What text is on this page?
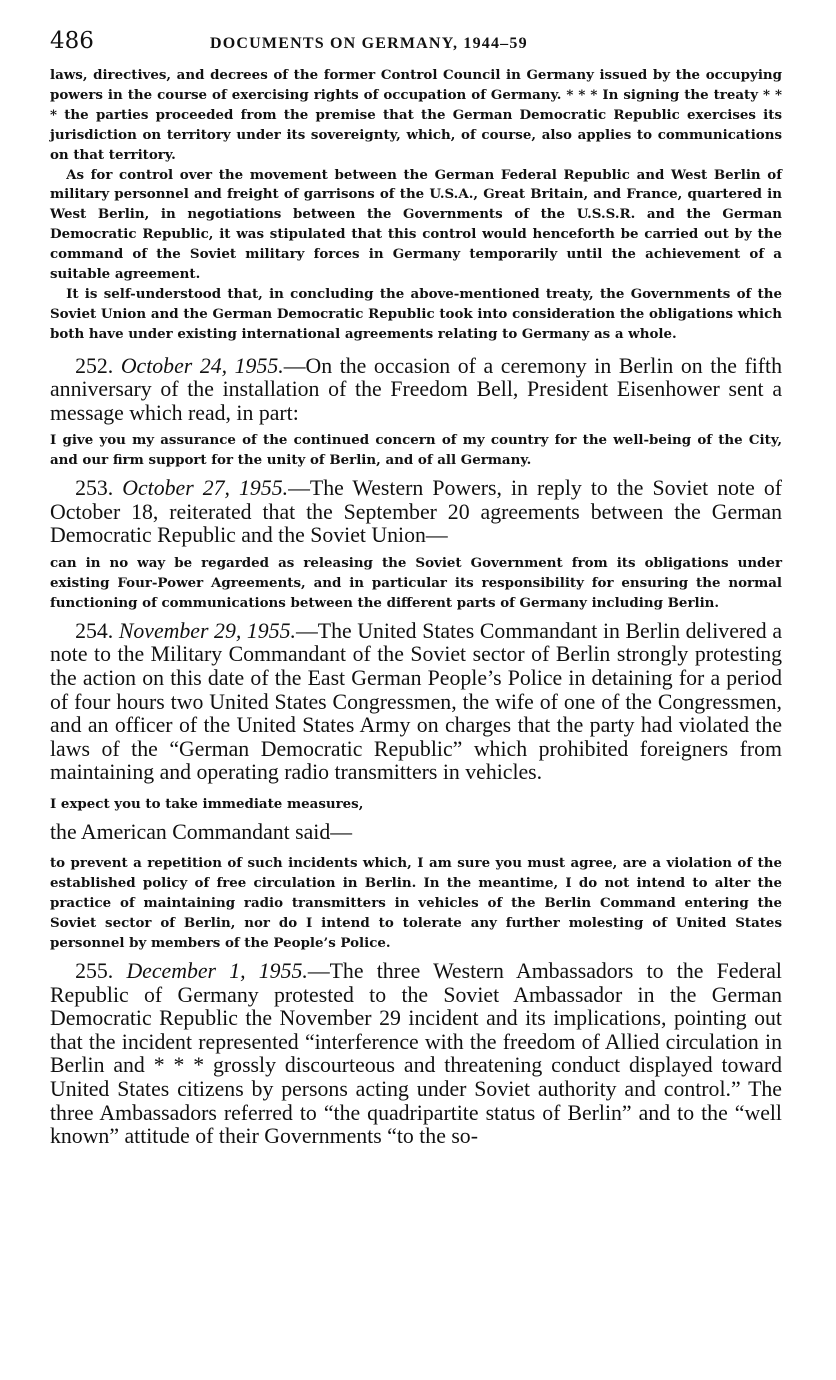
486	DOCUMENTS ON GERMANY, 1944–59

laws, directives, and decrees of the former Control Council in Germany issued by the occupying powers in the course of exercising rights of occupation of Germany. * * * In signing the treaty * * * the parties proceeded from the premise that the German Democratic Republic exercises its jurisdiction on territory under its sovereignty, which, of course, also applies to communications on that territory.

As for control over the movement between the German Federal Republic and West Berlin of military personnel and freight of garrisons of the U.S.A., Great Britain, and France, quartered in West Berlin, in negotiations between the Governments of the U.S.S.R. and the German Democratic Republic, it was stipulated that this control would henceforth be carried out by the command of the Soviet military forces in Germany temporarily until the achievement of a suitable agreement.

It is self-understood that, in concluding the above-mentioned treaty, the Governments of the Soviet Union and the German Democratic Republic took into consideration the obligations which both have under existing international agreements relating to Germany as a whole.

252. October 24, 1955.—On the occasion of a ceremony in Berlin on the fifth anniversary of the installation of the Freedom Bell, President Eisenhower sent a message which read, in part:

I give you my assurance of the continued concern of my country for the well-being of the City, and our firm support for the unity of Berlin, and of all Germany.

253. October 27, 1955.—The Western Powers, in reply to the Soviet note of October 18, reiterated that the September 20 agreements between the German Democratic Republic and the Soviet Union—

can in no way be regarded as releasing the Soviet Government from its obligations under existing Four-Power Agreements, and in particular its responsibility for ensuring the normal functioning of communications between the different parts of Germany including Berlin.

254. November 29, 1955.—The United States Commandant in Berlin delivered a note to the Military Commandant of the Soviet sector of Berlin strongly protesting the action on this date of the East German People’s Police in detaining for a period of four hours two United States Congressmen, the wife of one of the Congressmen, and an officer of the United States Army on charges that the party had violated the laws of the “German Democratic Republic” which prohibited foreigners from maintaining and operating radio transmitters in vehicles.

I expect you to take immediate measures,

the American Commandant said—

to prevent a repetition of such incidents which, I am sure you must agree, are a violation of the established policy of free circulation in Berlin. In the meantime, I do not intend to alter the practice of maintaining radio transmitters in vehicles of the Berlin Command entering the Soviet sector of Berlin, nor do I intend to tolerate any further molesting of United States personnel by members of the People’s Police.

255. December 1, 1955.—The three Western Ambassadors to the Federal Republic of Germany protested to the Soviet Ambassador in the German Democratic Republic the November 29 incident and its implications, pointing out that the incident represented “interference with the freedom of Allied circulation in Berlin and * * * grossly discourteous and threatening conduct displayed toward United States citizens by persons acting under Soviet authority and control.” The three Ambassadors referred to “the quadripartite status of Berlin” and to the “well known” attitude of their Governments “to the so-
